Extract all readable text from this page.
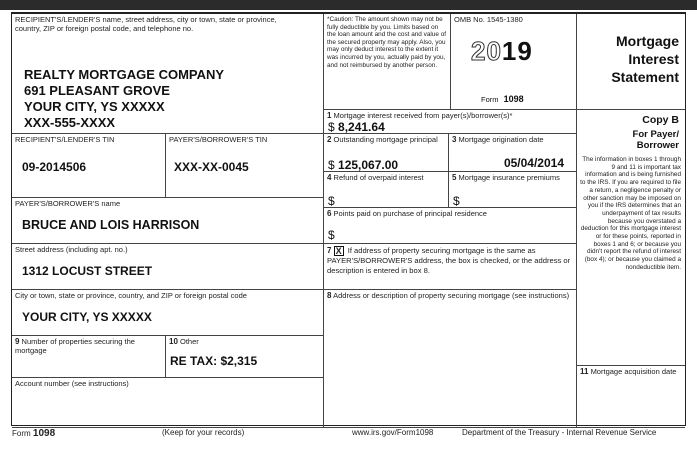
RECIPIENT'S/LENDER'S name, street address, city or town, state or province, country, ZIP or foreign postal code, and telephone no.
REALTY MORTGAGE COMPANY
691 PLEASANT GROVE
YOUR CITY, YS XXXXX
XXX-555-XXXX
*Caution: The amount shown may not be fully deductible by you. Limits based on the loan amount and the cost and value of the secured property may apply. Also, you may only deduct interest to the extent it was incurred by you, actually paid by you, and not reimbursed by another person.
OMB No. 1545-1380
2019
Form 1098
Mortgage Interest Statement
1 Mortgage interest received from payer(s)/borrower(s)*
$ 8,241.64	Copy B
For Payer/ Borrower
The information in boxes 1 through 9 and 11 is important tax information and is being furnished to the IRS. If you are required to file a return, a negligence penalty or other sanction may be imposed on you if the IRS determines that an underpayment of tax results because you overstated a deduction for this mortgage interest or for these points, reported in boxes 1 and 6; or because you didn't report the refund of interest (box 4); or because you claimed a nondeductible item.
RECIPIENT'S/LENDER'S TIN
09-2014506
PAYER'S/BORROWER'S TIN
XXX-XX-0045
2 Outstanding mortgage principal
$ 125,067.00
3 Mortgage origination date
05/04/2014
4 Refund of overpaid interest
$
5 Mortgage insurance premiums
$
PAYER'S/BORROWER'S name
BRUCE AND LOIS HARRISON
6 Points paid on purchase of principal residence
$
Street address (including apt. no.)
1312 LOCUST STREET
7 X If address of property securing mortgage is the same as PAYER'S/BORROWER'S address, the box is checked, or the address or description is entered in box 8.
City or town, state or province, country, and ZIP or foreign postal code
YOUR CITY, YS XXXXX
8 Address or description of property securing mortgage (see instructions)
9 Number of properties securing the mortgage
10 Other
RE TAX: $2,315
11 Mortgage acquisition date
Account number (see instructions)
Form 1098	(Keep for your records)	www.irs.gov/Form1098	Department of the Treasury - Internal Revenue Service
